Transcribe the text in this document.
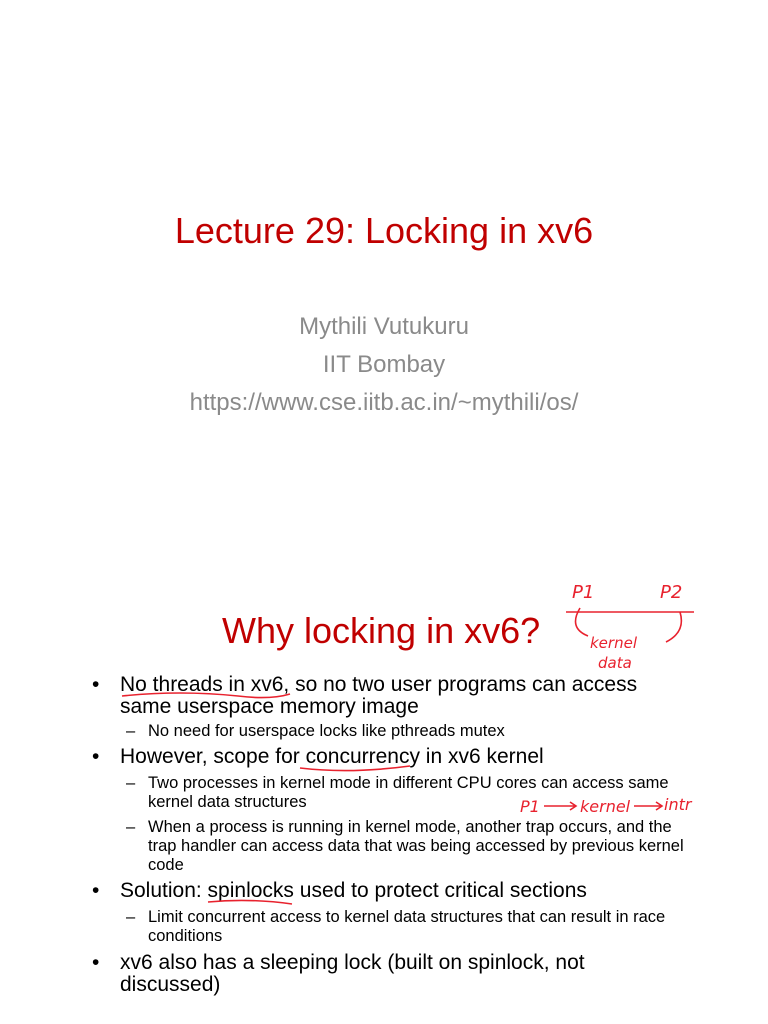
Lecture 29: Locking in xv6
Mythili Vutukuru
IIT Bombay
https://www.cse.iitb.ac.in/~mythili/os/
Why locking in xv6?
• No threads in xv6, so no two user programs can access same userspace memory image
– No need for userspace locks like pthreads mutex
• However, scope for concurrency in xv6 kernel
– Two processes in kernel mode in different CPU cores can access same kernel data structures
– When a process is running in kernel mode, another trap occurs, and the trap handler can access data that was being accessed by previous kernel code
• Solution: spinlocks used to protect critical sections
– Limit concurrent access to kernel data structures that can result in race conditions
• xv6 also has a sleeping lock (built on spinlock, not discussed)
P1	P2
kernel
data
P1	kernel intr
